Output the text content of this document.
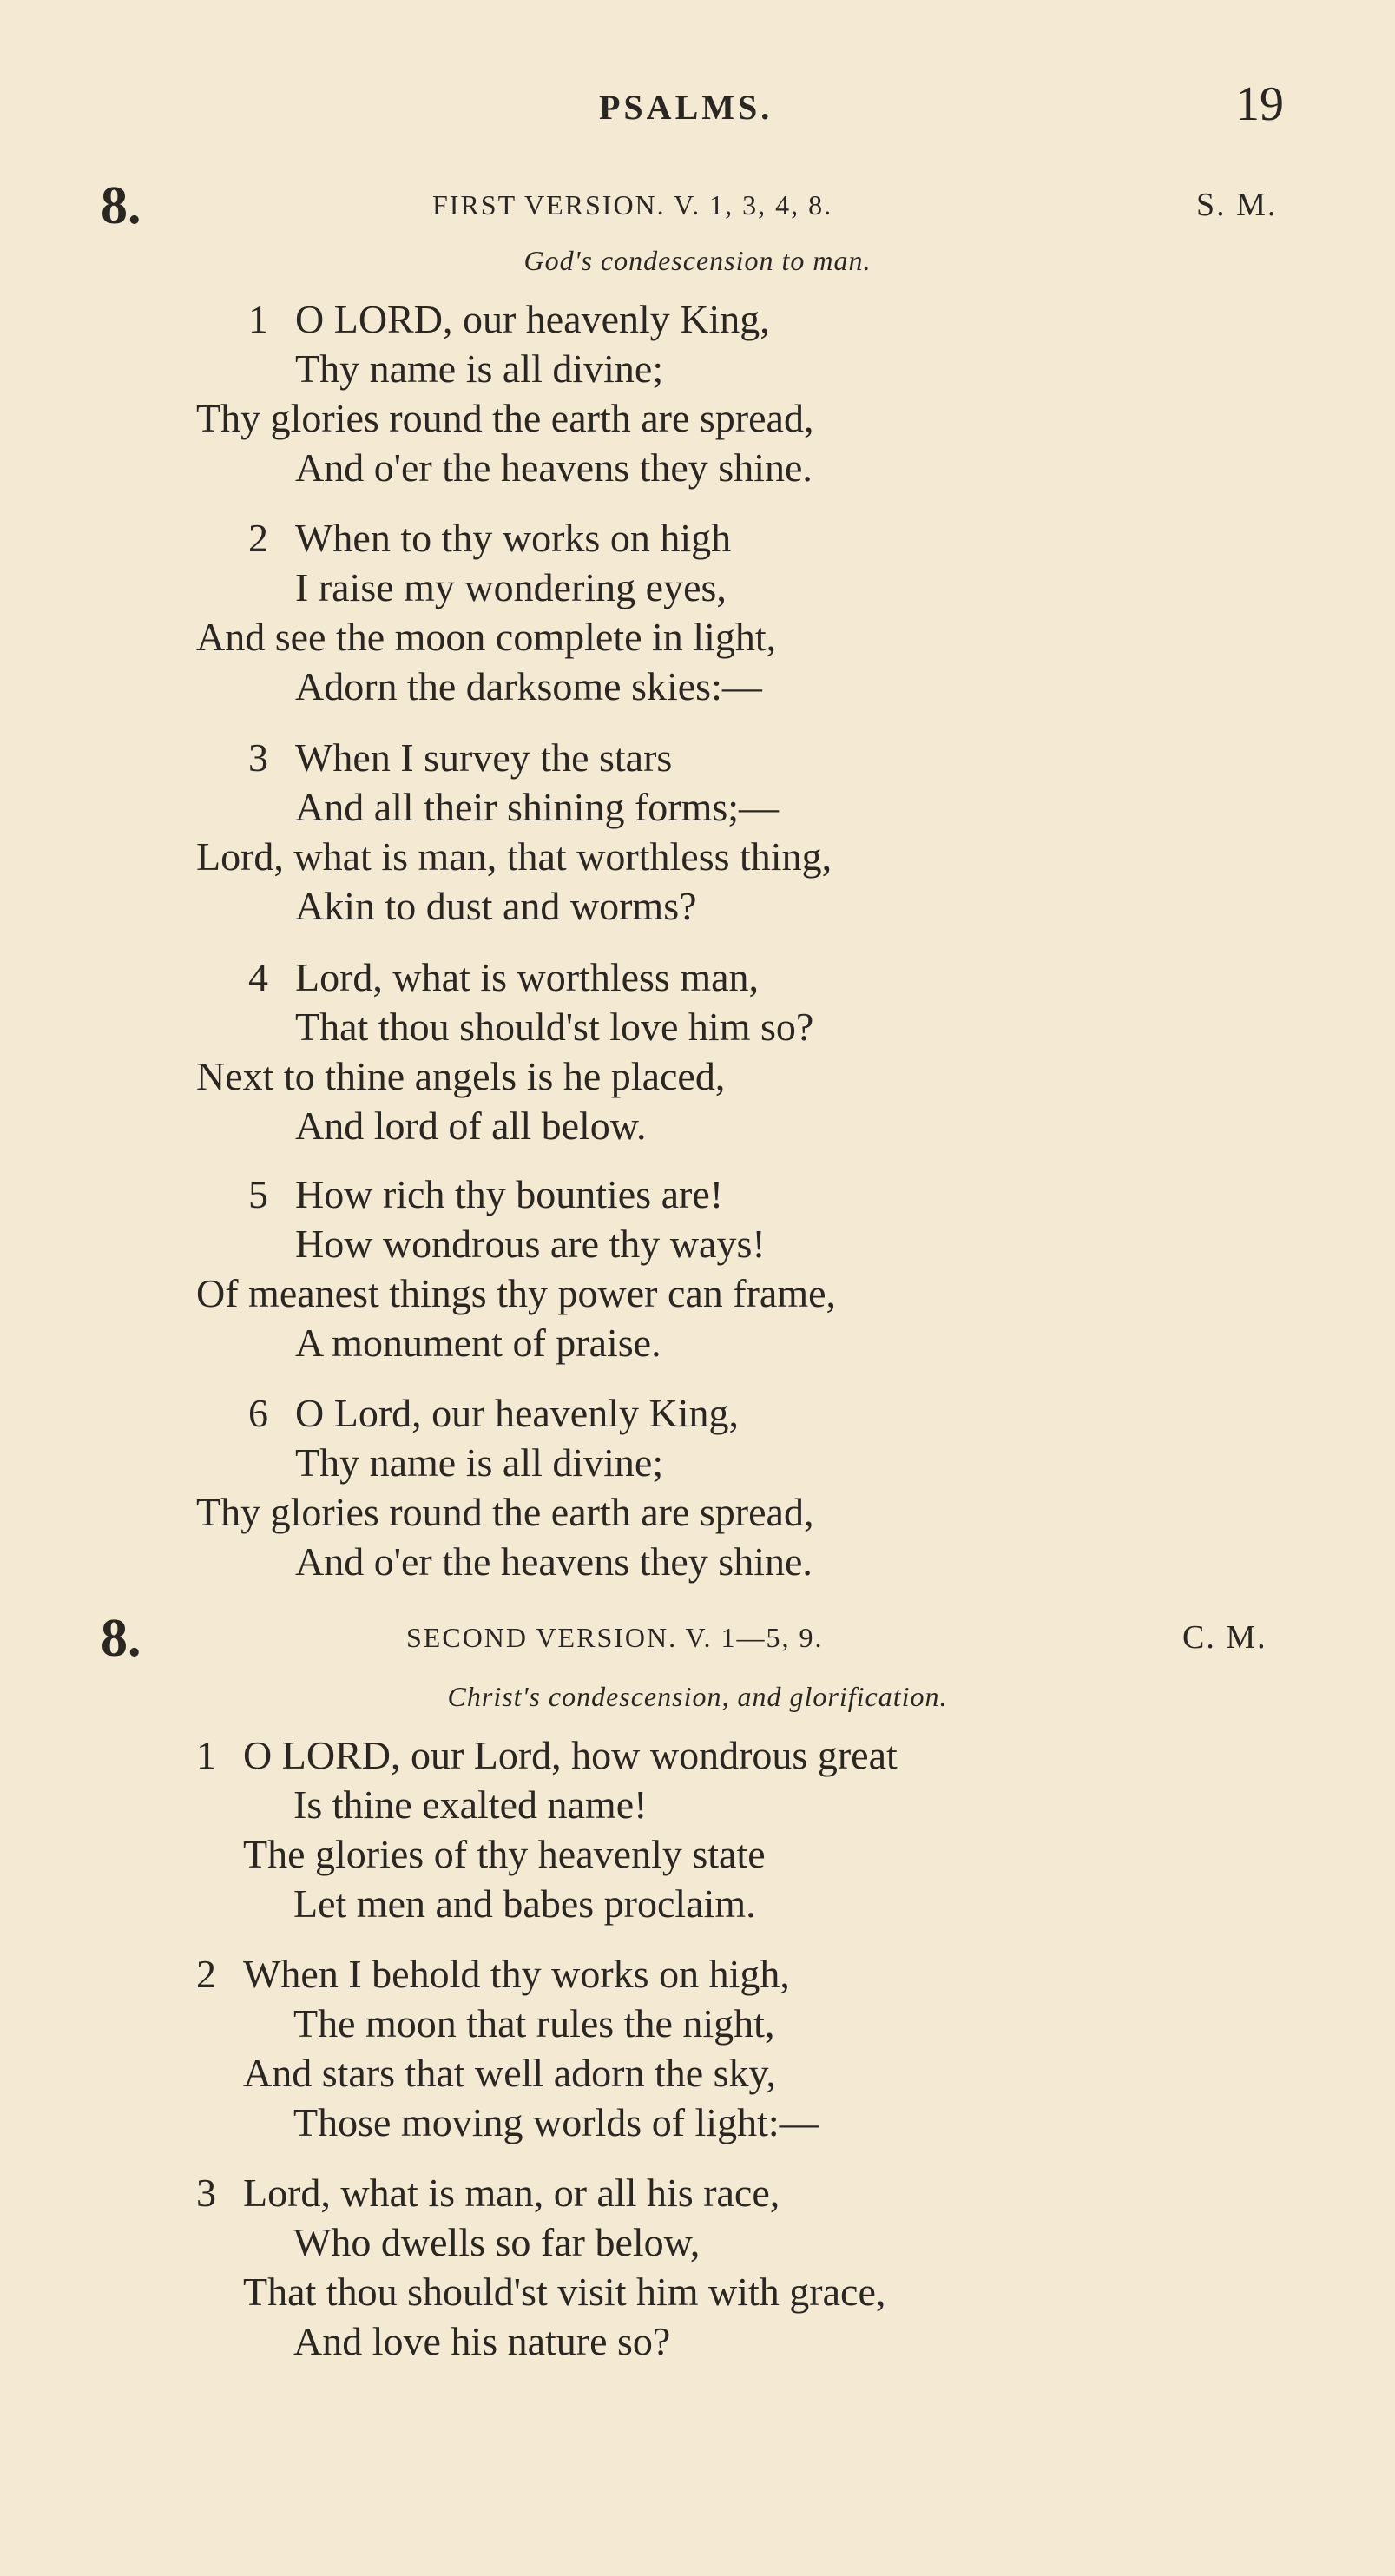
PSALMS.	19
8.	FIRST VERSION. V. 1, 3, 4, 8.	S. M.
God's condescension to man.
1 O LORD, our heavenly King,
Thy name is all divine;
Thy glories round the earth are spread,
And o'er the heavens they shine.
2 When to thy works on high
I raise my wondering eyes,
And see the moon complete in light,
Adorn the darksome skies:—
3 When I survey the stars
And all their shining forms;—
Lord, what is man, that worthless thing,
Akin to dust and worms?
4 Lord, what is worthless man,
That thou should'st love him so?
Next to thine angels is he placed,
And lord of all below.
5 How rich thy bounties are!
How wondrous are thy ways!
Of meanest things thy power can frame,
A monument of praise.
6 O Lord, our heavenly King,
Thy name is all divine;
Thy glories round the earth are spread,
And o'er the heavens they shine.
8.	SECOND VERSION. V. 1—5, 9.	C. M.
Christ's condescension, and glorification.
1 O LORD, our Lord, how wondrous great
Is thine exalted name!
The glories of thy heavenly state
Let men and babes proclaim.
2 When I behold thy works on high,
The moon that rules the night,
And stars that well adorn the sky,
Those moving worlds of light:—
3 Lord, what is man, or all his race,
Who dwells so far below,
That thou should'st visit him with grace,
And love his nature so?
